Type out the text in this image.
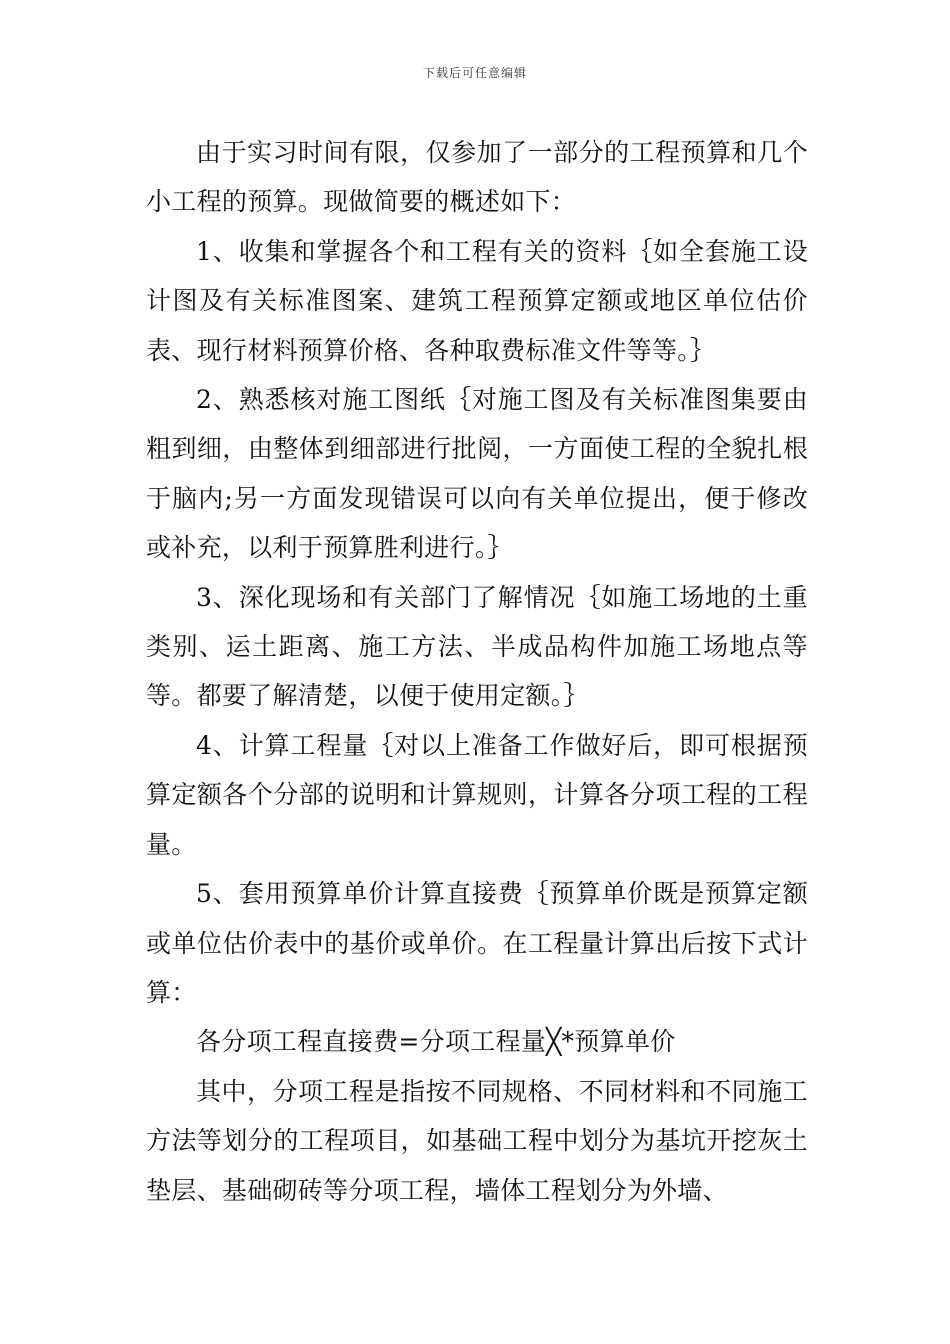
下载后可任意编辑

由于实习时间有限，仅参加了一部分的工程预算和几个小工程的预算。现做简要的概述如下：

1、收集和掌握各个和工程有关的资料｛如全套施工设计图及有关标准图案、建筑工程预算定额或地区单位估价表、现行材料预算价格、各种取费标准文件等等。｝

2、熟悉核对施工图纸｛对施工图及有关标准图集要由粗到细，由整体到细部进行批阅，一方面使工程的全貌扎根于脑内;另一方面发现错误可以向有关单位提出，便于修改或补充，以利于预算胜利进行。｝

3、深化现场和有关部门了解情况｛如施工场地的土重类别、运土距离、施工方法、半成品构件加施工场地点等等。都要了解清楚，以便于使用定额。｝

4、计算工程量｛对以上准备工作做好后，即可根据预算定额各个分部的说明和计算规则，计算各分项工程的工程量。

5、套用预算单价计算直接费｛预算单价既是预算定额或单位估价表中的基价或单价。在工程量计算出后按下式计算：

各分项工程直接费=分项工程量╳*预算单价

其中，分项工程是指按不同规格、不同材料和不同施工方法等划分的工程项目，如基础工程中划分为基坑开挖灰土垫层、基础砌砖等分项工程，墙体工程划分为外墙、
